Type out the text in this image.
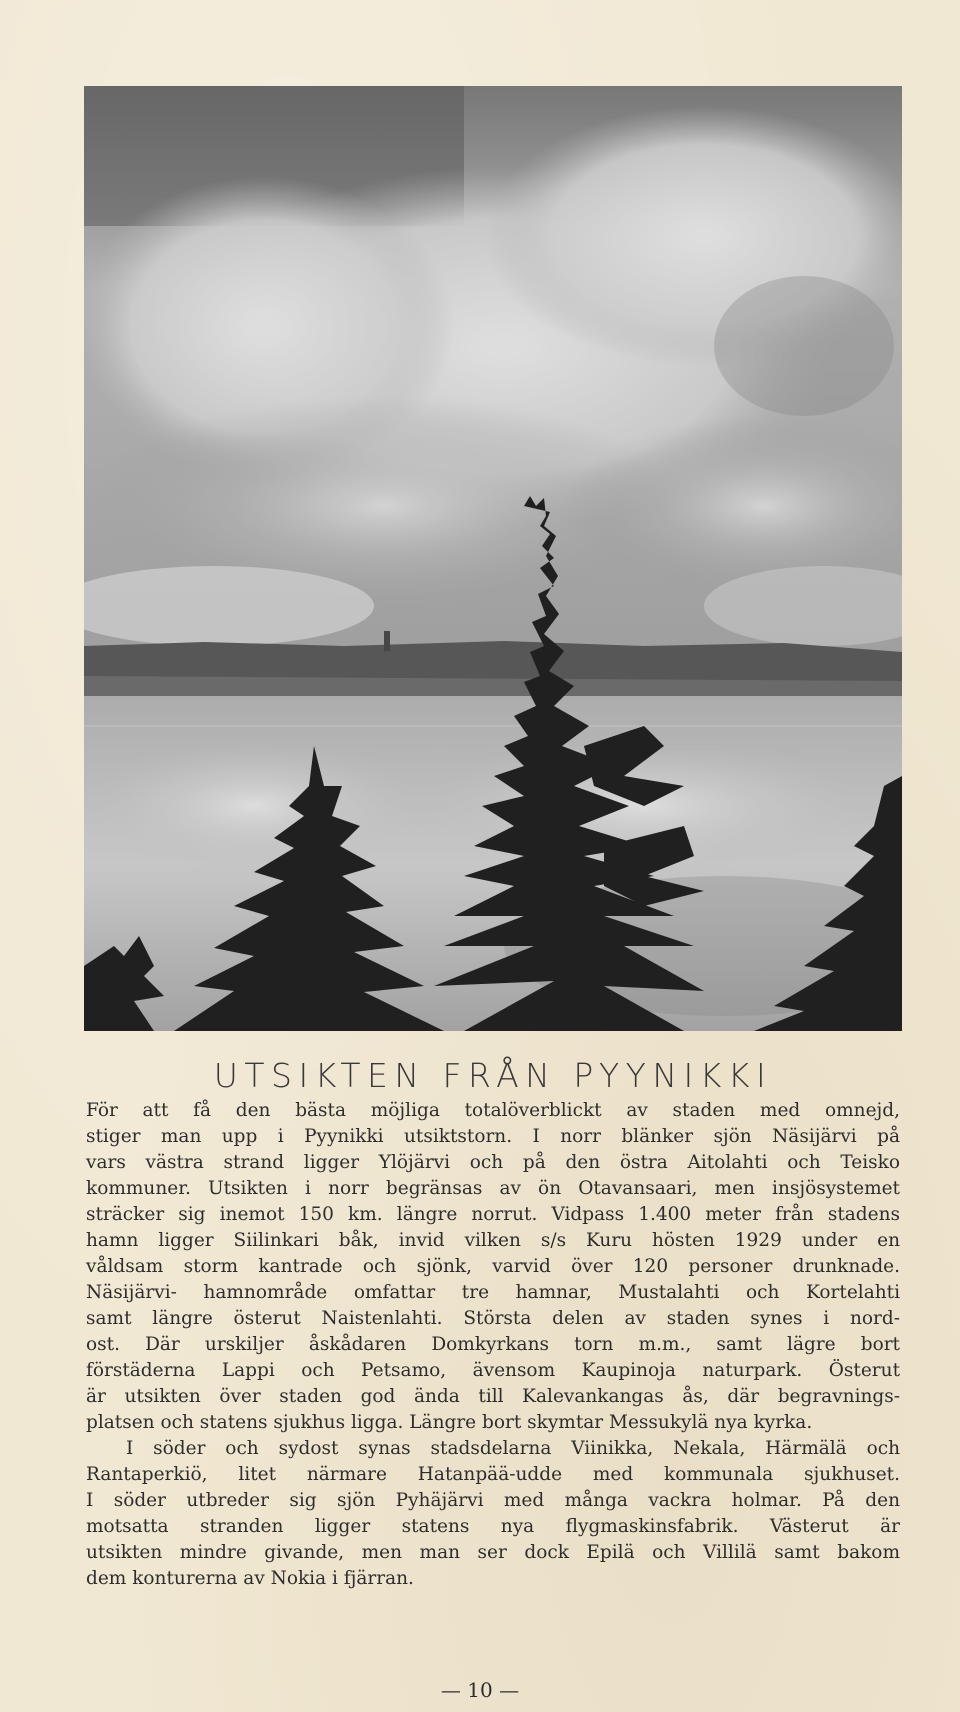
UTSIKTEN FRÅN PYYNIKKI

För att få den bästa möjliga totalöverblickt av staden med omnejd,
stiger man upp i Pyynikki utsiktstorn. I norr blänker sjön Näsijärvi på
vars västra strand ligger Ylöjärvi och på den östra Aitolahti och Teisko
kommuner. Utsikten i norr begränsas av ön Otavansaari, men insjösystemet
sträcker sig inemot 150 km. längre norrut. Vidpass 1.400 meter från stadens
hamn ligger Siilinkari båk, invid vilken s/s Kuru hösten 1929 under en
våldsam storm kantrade och sjönk, varvid över 120 personer drunknade.
Näsijärvi- hamnområde omfattar tre hamnar, Mustalahti och Kortelahti
samt längre österut Naistenlahti. Största delen av staden synes i nord-
ost. Där urskiljer åskådaren Domkyrkans torn m.m., samt lägre bort
förstäderna Lappi och Petsamo, ävensom Kaupinoja naturpark. Österut
är utsikten över staden god ända till Kalevankangas ås, där begravnings-
platsen och statens sjukhus ligga. Längre bort skymtar Messukylä nya kyrka.

I söder och sydost synas stadsdelarna Viinikka, Nekala, Härmälä och
Rantaperkiö, litet närmare Hatanpää-udde med kommunala sjukhuset.
I söder utbreder sig sjön Pyhäjärvi med många vackra holmar. På den
motsatta stranden ligger statens nya flygmaskinsfabrik. Västerut är
utsikten mindre givande, men man ser dock Epilä och Villilä samt bakom
dem konturerna av Nokia i fjärran.

— 10 —
